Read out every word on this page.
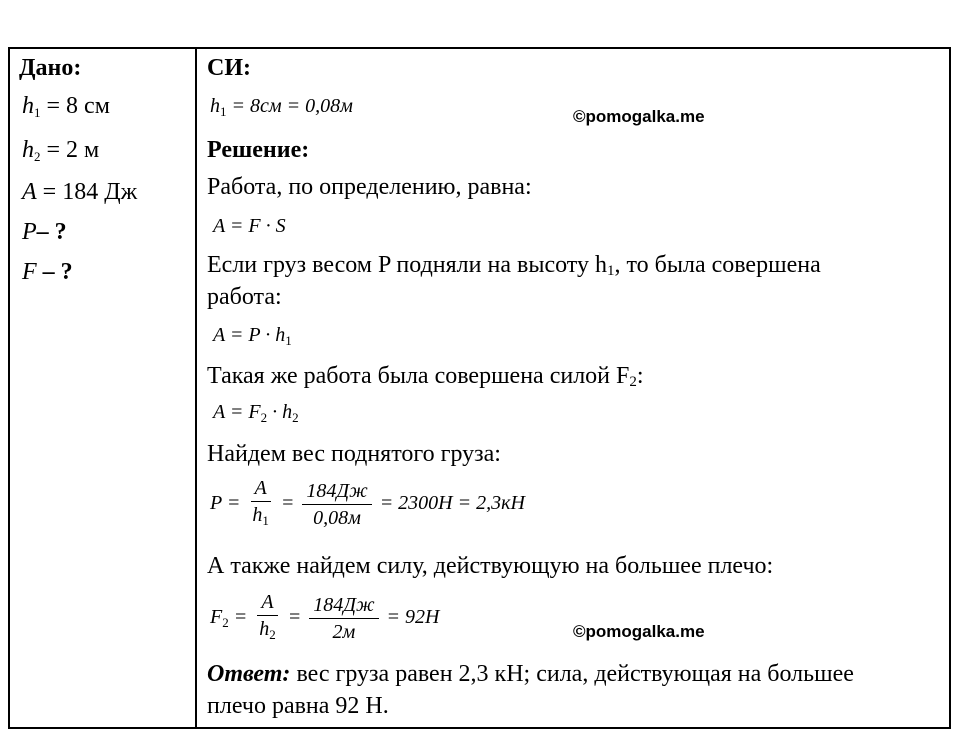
Дано:
$h_1 = 8$ см
$h_2 = 2$ м
A = 184 Дж
P– ?
F – ?
СИ:
$h_1 = 8см = 0,08м$	©pomogalka.me
Решение:
Работа, по определению, равна:
A = F · S
Если груз весом P подняли на высоту $h_1$, то была совершена
работа:
$A = P \cdot h_1$
Такая же работа была совершена силой $F_2$:
$A = F_2 \cdot h_2$
Найдем вес поднятого груза:
$P = \frac{A}{h_1} = \frac{184Дж}{0,08м} = 2300H = 2,3кH$
А также найдем силу, действующую на большее плечо:
$F_2 = \frac{A}{h_2} = \frac{184Дж}{2м} = 92H$
©pomogalka.me
Ответ: вес груза равен 2,3 кН; сила, действующая на большее
плечо равна 92 Н.
